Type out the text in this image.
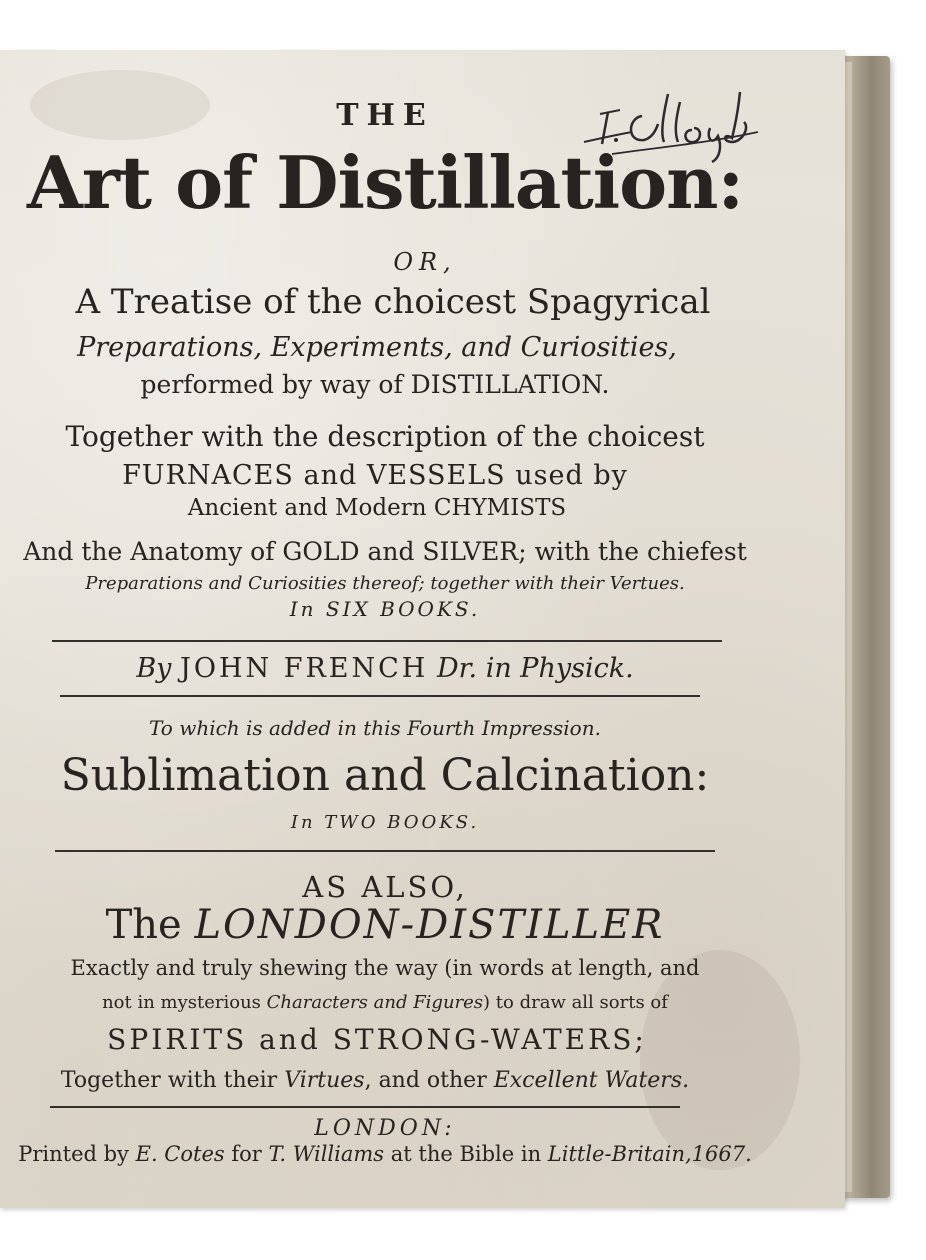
THE
Art of Distillation:
OR,
A Treatise of the choicest Spagyrical
Preparations, Experiments, and Curiosities,
performed by way of DISTILLATION.
Together with the description of the choicest
FURNACES and VESSELS used by
Ancient and Modern CHYMISTS
And the Anatomy of GOLD and SILVER; with the chiefest
Preparations and Curiosities thereof; together with their Vertues.
In SIX BOOKS.
By JOHN FRENCH Dr. in Physick.
To which is added in this Fourth Impression.
Sublimation and Calcination:
In TWO BOOKS.
AS ALSO,
The LONDON-DISTILLER
Exactly and truly shewing the way (in words at length, and
not in mysterious Characters and Figures) to draw all sorts of
SPIRITS and STRONG-WATERS;
Together with their Virtues, and other Excellent Waters.
LONDON:
Printed by E. Cotes for T. Williams at the Bible in Little-Britain,1667.
